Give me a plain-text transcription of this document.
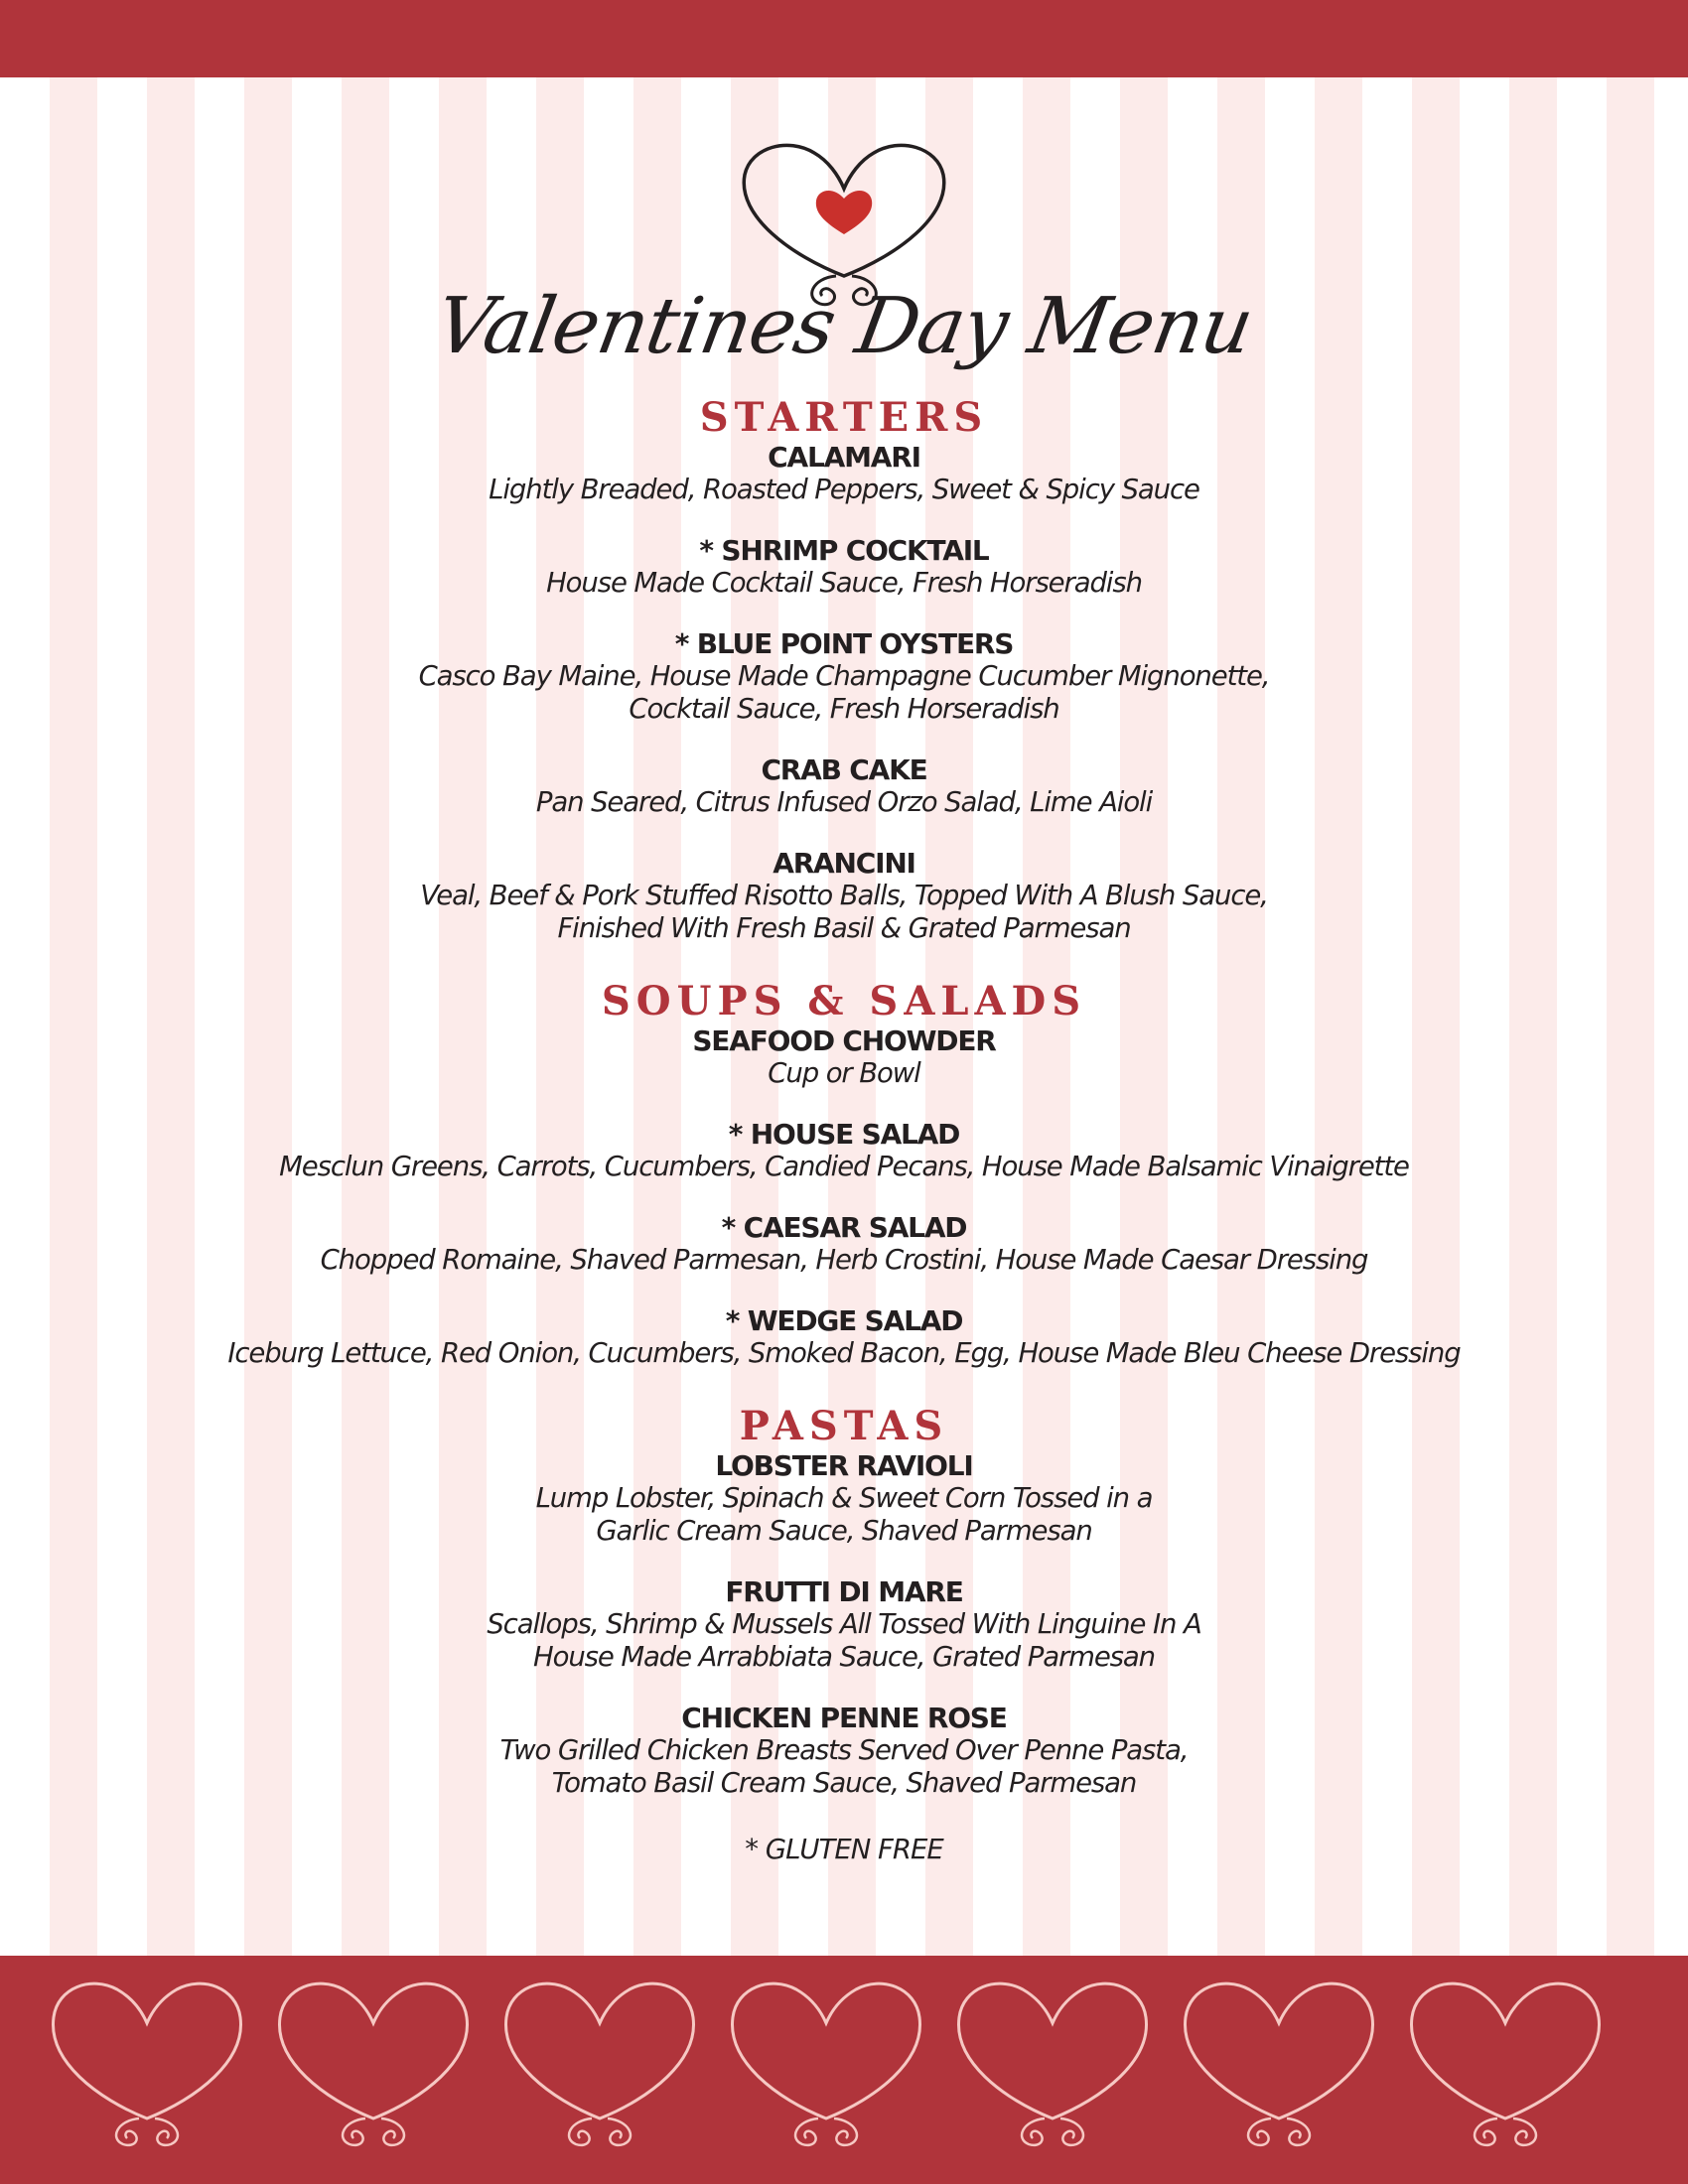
Valentines Day Menu
STARTERS
CALAMARI
Lightly Breaded, Roasted Peppers, Sweet & Spicy Sauce
* SHRIMP COCKTAIL
House Made Cocktail Sauce, Fresh Horseradish
* BLUE POINT OYSTERS
Casco Bay Maine, House Made Champagne Cucumber Mignonette,
Cocktail Sauce, Fresh Horseradish
CRAB CAKE
Pan Seared, Citrus Infused Orzo Salad, Lime Aioli
ARANCINI
Veal, Beef & Pork Stuffed Risotto Balls, Topped With A Blush Sauce,
Finished With Fresh Basil & Grated Parmesan
SOUPS & SALADS
SEAFOOD CHOWDER
Cup or Bowl
* HOUSE SALAD
Mesclun Greens, Carrots, Cucumbers, Candied Pecans, House Made Balsamic Vinaigrette
* CAESAR SALAD
Chopped Romaine, Shaved Parmesan, Herb Crostini, House Made Caesar Dressing
* WEDGE SALAD
Iceburg Lettuce, Red Onion, Cucumbers, Smoked Bacon, Egg, House Made Bleu Cheese Dressing
PASTAS
LOBSTER RAVIOLI
Lump Lobster, Spinach & Sweet Corn Tossed in a
Garlic Cream Sauce, Shaved Parmesan
FRUTTI DI MARE
Scallops, Shrimp & Mussels All Tossed With Linguine In A
House Made Arrabbiata Sauce, Grated Parmesan
CHICKEN PENNE ROSE
Two Grilled Chicken Breasts Served Over Penne Pasta,
Tomato Basil Cream Sauce, Shaved Parmesan
* GLUTEN FREE
